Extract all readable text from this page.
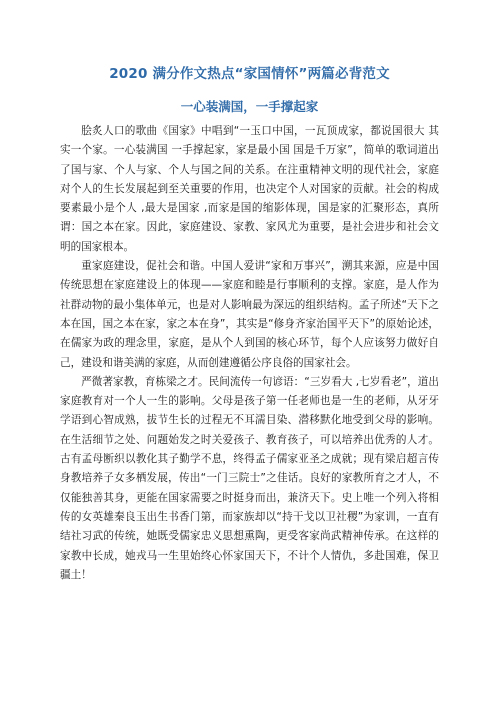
2020 满分作文热点“家国情怀”两篇必背范文
一心装满国，一手撑起家

脍炙人口的歌曲《国家》中唱到“一玉口中国，一瓦顶成家，都说国很大 其实一个家。一心装满国 一手撑起家，家是最小国 国是千万家”，简单的歌词道出了国与家、个人与家、个人与国之间的关系。在注重精神文明的现代社会，家庭对个人的生长发展起到至关重要的作用，也决定个人对国家的贡献。社会的构成要素最小是个人 ,最大是国家 ,而家是国的缩影体现，国是家的汇聚形态，真所谓：国之本在家。因此，家庭建设、家教、家风尤为重要，是社会进步和社会文明的国家根本。

重家庭建设，促社会和谐。中国人爱讲“家和万事兴”，溯其来源，应是中国传统思想在家庭建设上的体现——家庭和睦是行事顺利的支撑。家庭，是人作为社群动物的最小集体单元，也是对人影响最为深远的组织结构。孟子所述“天下之本在国，国之本在家，家之本在身”，其实是“修身齐家治国平天下”的原始论述，在儒家为政的理念里，家庭，是从个人到国的核心环节，每个人应该努力做好自己，建设和谐美满的家庭，从而创建遵循公序良俗的国家社会。

严微著家教，育栋梁之才。民间流传一句谚语：“三岁看大 ,七岁看老”，道出家庭教育对一个人一生的影响。父母是孩子第一任老师也是一生的老师，从牙牙学语到心智成熟，拔节生长的过程无不耳濡目染、潜移默化地受到父母的影响。在生活细节之处、问题始发之时关爱孩子、教育孩子，可以培养出优秀的人才。古有孟母断织以教化其子勤学不息，终得孟子儒家亚圣之成就；现有梁启超言传身教培养子女多栖发展，传出“一门三院士”之佳话。良好的家教所育之才人，不仅能独善其身，更能在国家需要之时挺身而出，兼济天下。史上唯一个列入将相传的女英雄秦良玉出生书香门第，而家族却以“持干戈以卫社稷”为家训，一直有结社习武的传统，她既受儒家忠义思想熏陶，更受客家尚武精神传承。在这样的家教中长成，她戎马一生里始终心怀家国天下，不计个人情仇，多赴国难，保卫疆土！
